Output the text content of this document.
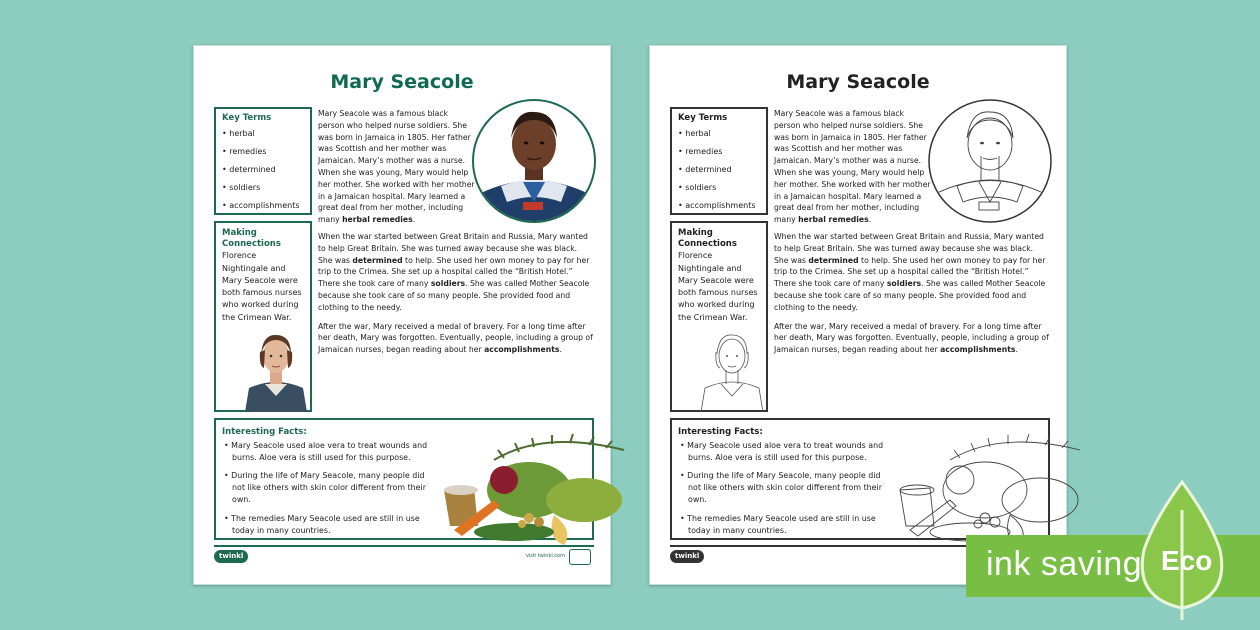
Mary Seacole
Key Terms
• herbal
• remedies
• determined
• soldiers
• accomplishments
Making Connections
Florence Nightingale and Mary Seacole were both famous nurses who worked during the Crimean War.

Mary Seacole was a famous black person who helped nurse soldiers. She was born in Jamaica in 1805. Her father was Scottish and her mother was Jamaican. Mary’s mother was a nurse. When she was young, Mary would help her mother. She worked with her mother in a Jamaican hospital. Mary learned a great deal from her mother, including many herbal remedies.

When the war started between Great Britain and Russia, Mary wanted to help Great Britain. She was turned away because she was black. She was determined to help. She used her own money to pay for her trip to the Crimea. She set up a hospital called the “British Hotel.” There she took care of many soldiers. She was called Mother Seacole because she took care of so many people. She provided food and clothing to the needy.

After the war, Mary received a medal of bravery. For a long time after her death, Mary was forgotten. Eventually, people, including a group of Jamaican nurses, began reading about her accomplishments.

Interesting Facts:
• Mary Seacole used aloe vera to treat wounds and burns. Aloe vera is still used for this purpose.
• During the life of Mary Seacole, many people did not like others with skin color different from their own.
• The remedies Mary Seacole used are still in use today in many countries.
twinkl	visit twinkl.com
Mary Seacole
Key Terms
• herbal
• remedies
• determined
• soldiers
• accomplishments
Making Connections
Florence Nightingale and Mary Seacole were both famous nurses who worked during the Crimean War.

Mary Seacole was a famous black person who helped nurse soldiers. She was born in Jamaica in 1805. Her father was Scottish and her mother was Jamaican. Mary’s mother was a nurse. When she was young, Mary would help her mother. She worked with her mother in a Jamaican hospital. Mary learned a great deal from her mother, including many herbal remedies.

When the war started between Great Britain and Russia, Mary wanted to help Great Britain. She was turned away because she was black. She was determined to help. She used her own money to pay for her trip to the Crimea. She set up a hospital called the “British Hotel.” There she took care of many soldiers. She was called Mother Seacole because she took care of so many people. She provided food and clothing to the needy.

After the war, Mary received a medal of bravery. For a long time after her death, Mary was forgotten. Eventually, people, including a group of Jamaican nurses, began reading about her accomplishments.

Interesting Facts:
• Mary Seacole used aloe vera to treat wounds and burns. Aloe vera is still used for this purpose.
• During the life of Mary Seacole, many people did not like others with skin color different from their own.
• The remedies Mary Seacole used are still in use today in many countries.
twinkl	ink saving Eco
